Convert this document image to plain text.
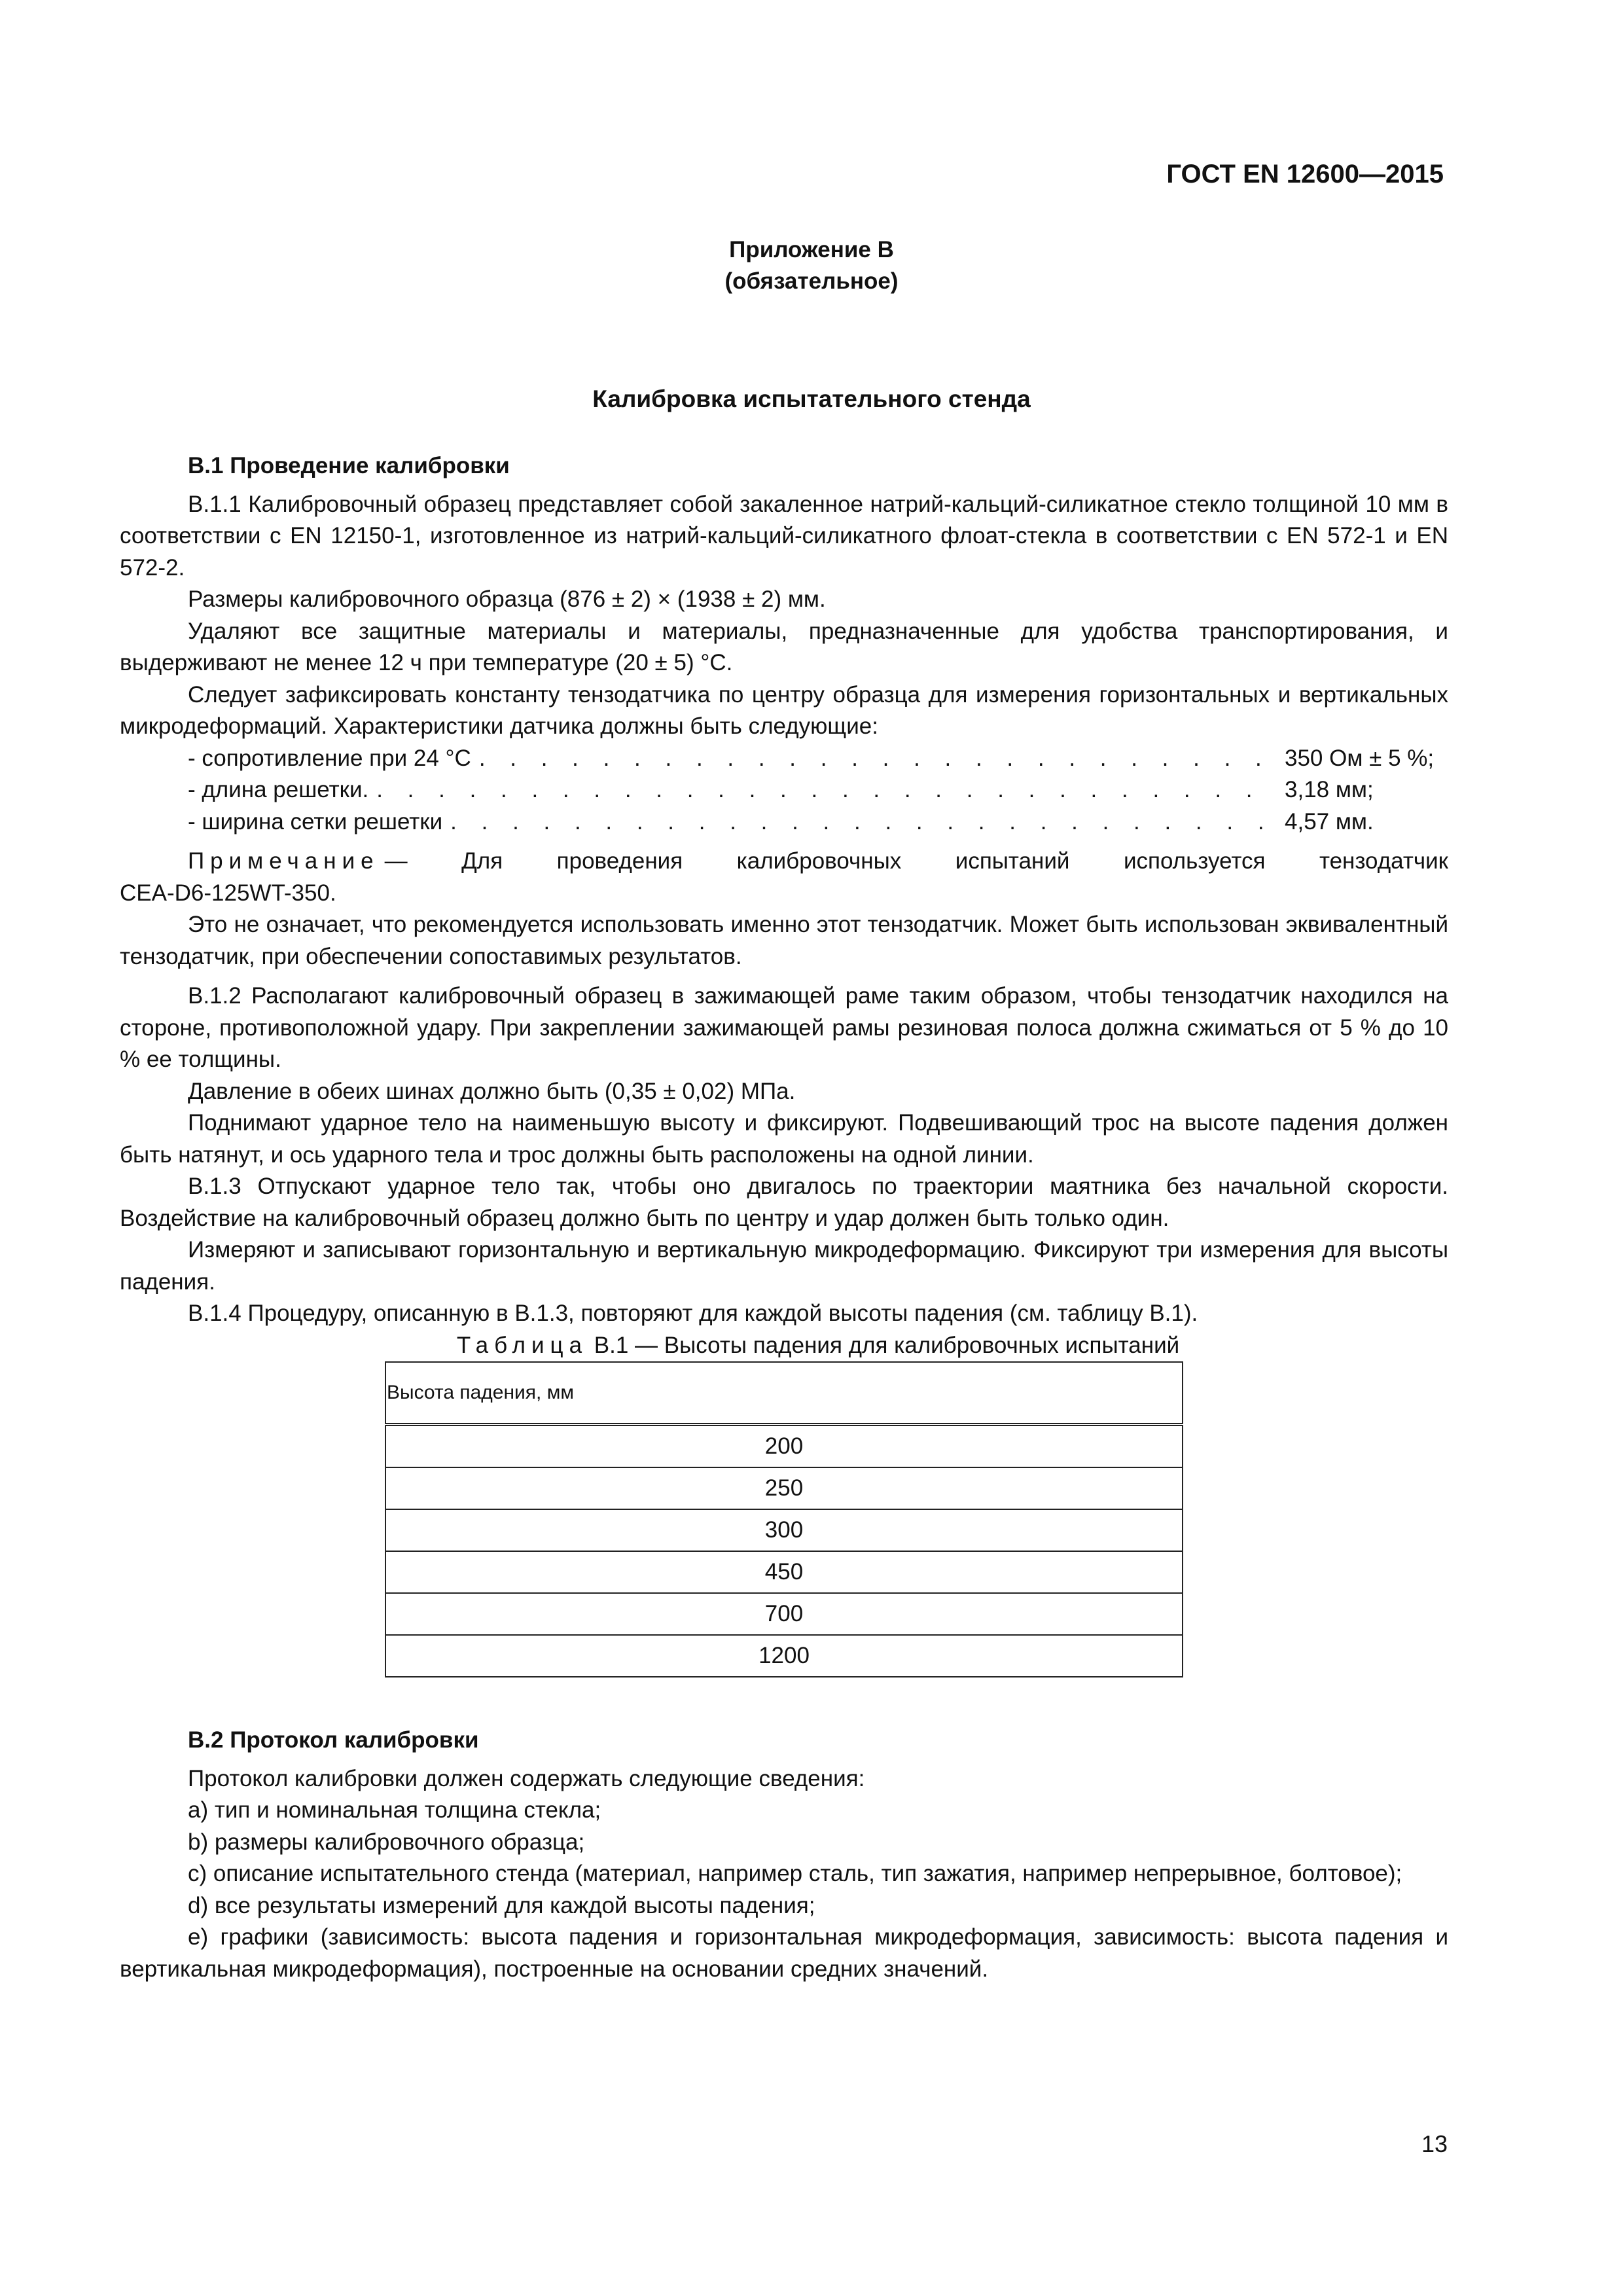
ГОСТ EN 12600—2015
Приложение В
(обязательное)
Калибровка испытательного стенда

В.1 Проведение калибровки

В.1.1 Калибровочный образец представляет собой закаленное натрий-кальций-силикатное стекло толщиной 10 мм в соответствии с EN 12150-1, изготовленное из натрий-кальций-силикатного флоат-стекла в соответствии с EN 572-1 и EN 572-2.

Размеры калибровочного образца (876 ± 2) × (1938 ± 2) мм.

Удаляют все защитные материалы и материалы, предназначенные для удобства транспортирования, и выдерживают не менее 12 ч при температуре (20 ± 5) °С.

Следует зафиксировать константу тензодатчика по центру образца для измерения горизонтальных и вертикальных микродеформаций. Характеристики датчика должны быть следующие:

- сопротивление при 24 °С . . .	350 Ом ± 5 %;
- длина решетки. . . .	3,18 мм;
- ширина сетки решетки . . .	4,57 мм.
Примечание — Для проведения калибровочных испытаний используется тензодатчик

CEA-D6-125WT-350.

Это не означает, что рекомендуется использовать именно этот тензодатчик. Может быть использован эквивалентный тензодатчик, при обеспечении сопоставимых результатов.

В.1.2 Располагают калибровочный образец в зажимающей раме таким образом, чтобы тензодатчик находился на стороне, противоположной удару. При закреплении зажимающей рамы резиновая полоса должна сжиматься от 5 % до 10 % ее толщины.

Давление в обеих шинах должно быть (0,35 ± 0,02) МПа.

Поднимают ударное тело на наименьшую высоту и фиксируют. Подвешивающий трос на высоте падения должен быть натянут, и ось ударного тела и трос должны быть расположены на одной линии.

В.1.3 Отпускают ударное тело так, чтобы оно двигалось по траектории маятника без начальной скорости. Воздействие на калибровочный образец должно быть по центру и удар должен быть только один.

Измеряют и записывают горизонтальную и вертикальную микродеформацию. Фиксируют три измерения для высоты падения.

В.1.4 Процедуру, описанную в В.1.3, повторяют для каждой высоты падения (см. таблицу В.1).

Таблица В.1 — Высоты падения для калибровочных испытаний

Высота падения, мм
200
250
300
450
700
1200

В.2 Протокол калибровки

Протокол калибровки должен содержать следующие сведения:

a) тип и номинальная толщина стекла;

b) размеры калибровочного образца;

c) описание испытательного стенда (материал, например сталь, тип зажатия, например непрерывное, болтовое);

d) все результаты измерений для каждой высоты падения;

e) графики (зависимость: высота падения и горизонтальная микродеформация, зависимость: высота падения и вертикальная микродеформация), построенные на основании средних значений.

13
